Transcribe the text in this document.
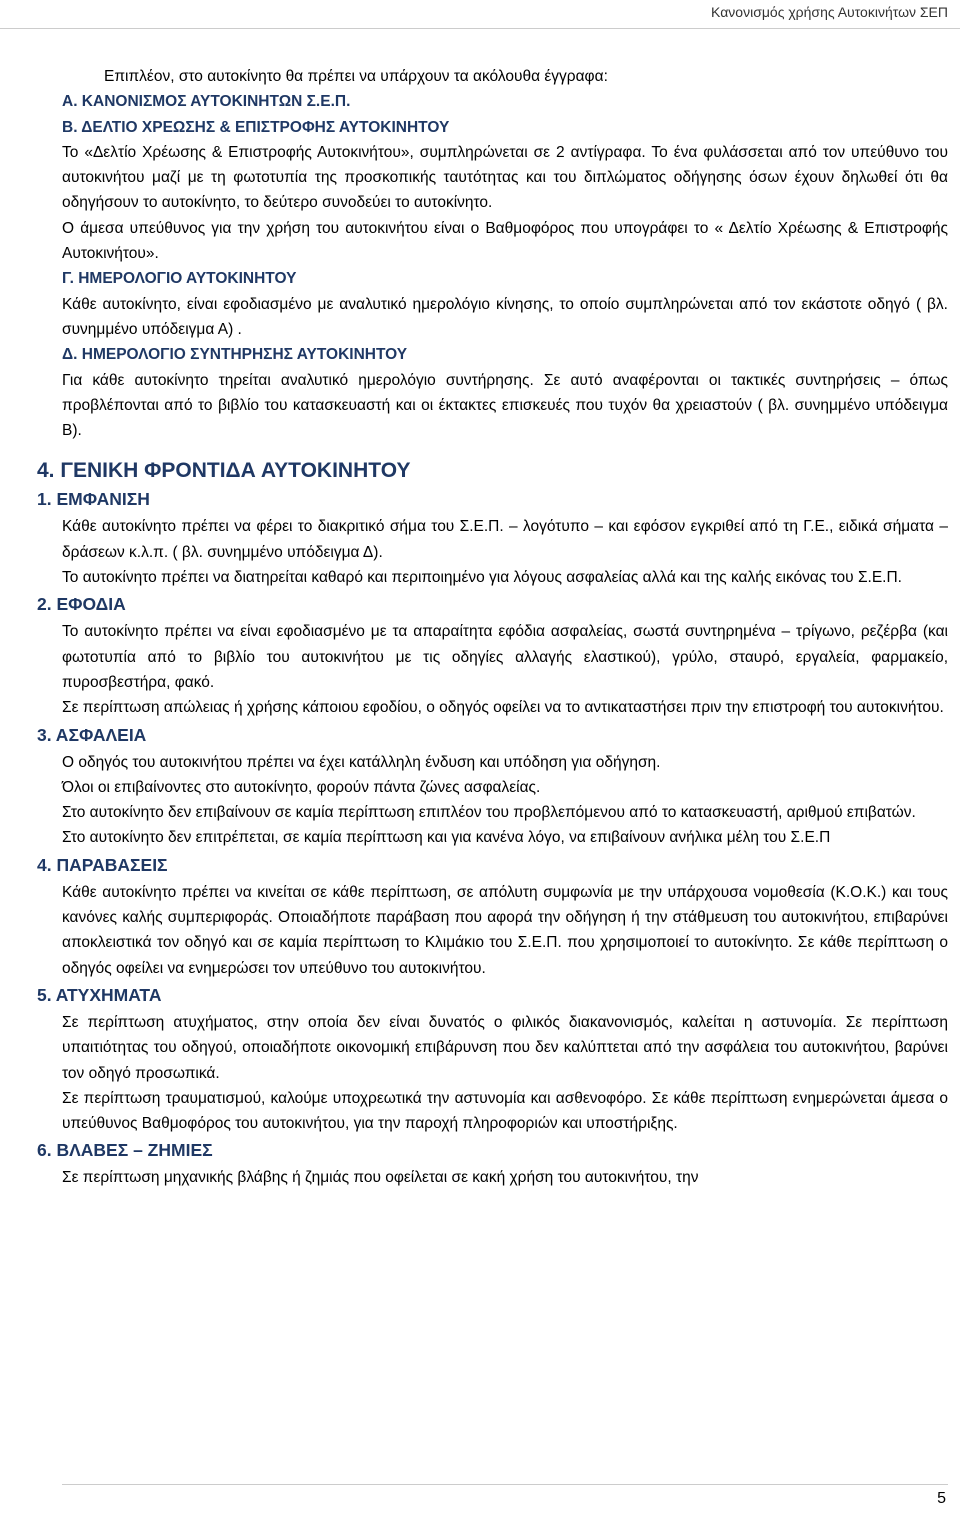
Κανονισμός χρήσης Αυτοκινήτων ΣΕΠ

Επιπλέον, στο αυτοκίνητο θα πρέπει να υπάρχουν τα ακόλουθα έγγραφα:

Α. ΚΑΝΟΝΙΣΜΟΣ ΑΥΤΟΚΙΝΗΤΩΝ Σ.Ε.Π.
Β. ΔΕΛΤΙΟ ΧΡΕΩΣΗΣ & ΕΠΙΣΤΡΟΦΗΣ ΑΥΤΟΚΙΝΗΤΟΥ

Το «Δελτίο Χρέωσης & Επιστροφής Αυτοκινήτου», συμπληρώνεται σε 2 αντίγραφα. Το ένα φυλάσσεται από τον υπεύθυνο του αυτοκινήτου μαζί με τη φωτοτυπία της προσκοπικής ταυτότητας και του διπλώματος οδήγησης όσων έχουν δηλωθεί ότι θα οδηγήσουν το αυτοκίνητο, το δεύτερο συνοδεύει το αυτοκίνητο.

Ο άμεσα υπεύθυνος για την χρήση του αυτοκινήτου είναι ο Βαθμοφόρος που υπογράφει το « Δελτίο Χρέωσης & Επιστροφής Αυτοκινήτου».

Γ. ΗΜΕΡΟΛΟΓΙΟ ΑΥΤΟΚΙΝΗΤΟΥ

Κάθε αυτοκίνητο, είναι εφοδιασμένο με αναλυτικό ημερολόγιο κίνησης, το οποίο συμπληρώνεται από τον εκάστοτε οδηγό ( βλ. συνημμένο υπόδειγμα Α) .

Δ. ΗΜΕΡΟΛΟΓΙΟ ΣΥΝΤΗΡΗΣΗΣ ΑΥΤΟΚΙΝΗΤΟΥ

Για κάθε αυτοκίνητο τηρείται αναλυτικό ημερολόγιο συντήρησης. Σε αυτό αναφέρονται οι τακτικές συντηρήσεις – όπως προβλέπονται από το βιβλίο του κατασκευαστή και οι έκτακτες επισκευές που τυχόν θα χρειαστούν ( βλ. συνημμένο υπόδειγμα Β).

4. ΓΕΝΙΚΗ ΦΡΟΝΤΙΔΑ ΑΥΤΟΚΙΝΗΤΟΥ
1. ΕΜΦΑΝΙΣΗ

Κάθε αυτοκίνητο πρέπει να φέρει το διακριτικό σήμα του Σ.Ε.Π. – λογότυπο – και εφόσον εγκριθεί από τη Γ.Ε., ειδικά σήματα – δράσεων κ.λ.π. ( βλ. συνημμένο υπόδειγμα Δ).

Το αυτοκίνητο πρέπει να διατηρείται καθαρό και περιποιημένο για λόγους ασφαλείας αλλά και της καλής εικόνας του Σ.Ε.Π.

2. ΕΦΟΔΙΑ

Το αυτοκίνητο πρέπει να είναι εφοδιασμένο με τα απαραίτητα εφόδια ασφαλείας, σωστά συντηρημένα – τρίγωνο, ρεζέρβα (και φωτοτυπία από το βιβλίο του αυτοκινήτου με τις οδηγίες αλλαγής ελαστικού), γρύλο, σταυρό, εργαλεία, φαρμακείο, πυροσβεστήρα, φακό.

Σε περίπτωση απώλειας ή χρήσης κάποιου εφοδίου, ο οδηγός οφείλει να το αντικαταστήσει πριν την επιστροφή του αυτοκινήτου.

3. ΑΣΦΑΛΕΙΑ

Ο οδηγός του αυτοκινήτου πρέπει να έχει κατάλληλη ένδυση και υπόδηση για οδήγηση.

Όλοι οι επιβαίνοντες στο αυτοκίνητο, φορούν πάντα ζώνες ασφαλείας.

Στο αυτοκίνητο δεν επιβαίνουν σε καμία περίπτωση επιπλέον του προβλεπόμενου από το κατασκευαστή, αριθμού επιβατών.

Στο αυτοκίνητο δεν επιτρέπεται, σε καμία περίπτωση και για κανένα λόγο, να επιβαίνουν ανήλικα μέλη του Σ.Ε.Π

4. ΠΑΡΑΒΑΣΕΙΣ

Κάθε αυτοκίνητο πρέπει να κινείται σε κάθε περίπτωση, σε απόλυτη συμφωνία με την υπάρχουσα νομοθεσία (Κ.Ο.Κ.) και τους κανόνες καλής συμπεριφοράς. Οποιαδήποτε παράβαση που αφορά την οδήγηση ή την στάθμευση του αυτοκινήτου, επιβαρύνει αποκλειστικά τον οδηγό και σε καμία περίπτωση το Κλιμάκιο του Σ.Ε.Π. που χρησιμοποιεί το αυτοκίνητο. Σε κάθε περίπτωση ο οδηγός οφείλει να ενημερώσει τον υπεύθυνο του αυτοκινήτου.

5. ΑΤΥΧΗΜΑΤΑ

Σε περίπτωση ατυχήματος, στην οποία δεν είναι δυνατός ο φιλικός διακανονισμός, καλείται η αστυνομία. Σε περίπτωση υπαιτιότητας του οδηγού, οποιαδήποτε οικονομική επιβάρυνση που δεν καλύπτεται από την ασφάλεια του αυτοκινήτου, βαρύνει τον οδηγό προσωπικά.

Σε περίπτωση τραυματισμού, καλούμε υποχρεωτικά την αστυνομία και ασθενοφόρο. Σε κάθε περίπτωση ενημερώνεται άμεσα ο υπεύθυνος Βαθμοφόρος του αυτοκινήτου, για την παροχή πληροφοριών και υποστήριξης.

6. ΒΛΑΒΕΣ – ΖΗΜΙΕΣ

Σε περίπτωση μηχανικής βλάβης ή ζημιάς που οφείλεται σε κακή χρήση του αυτοκινήτου, την

5
